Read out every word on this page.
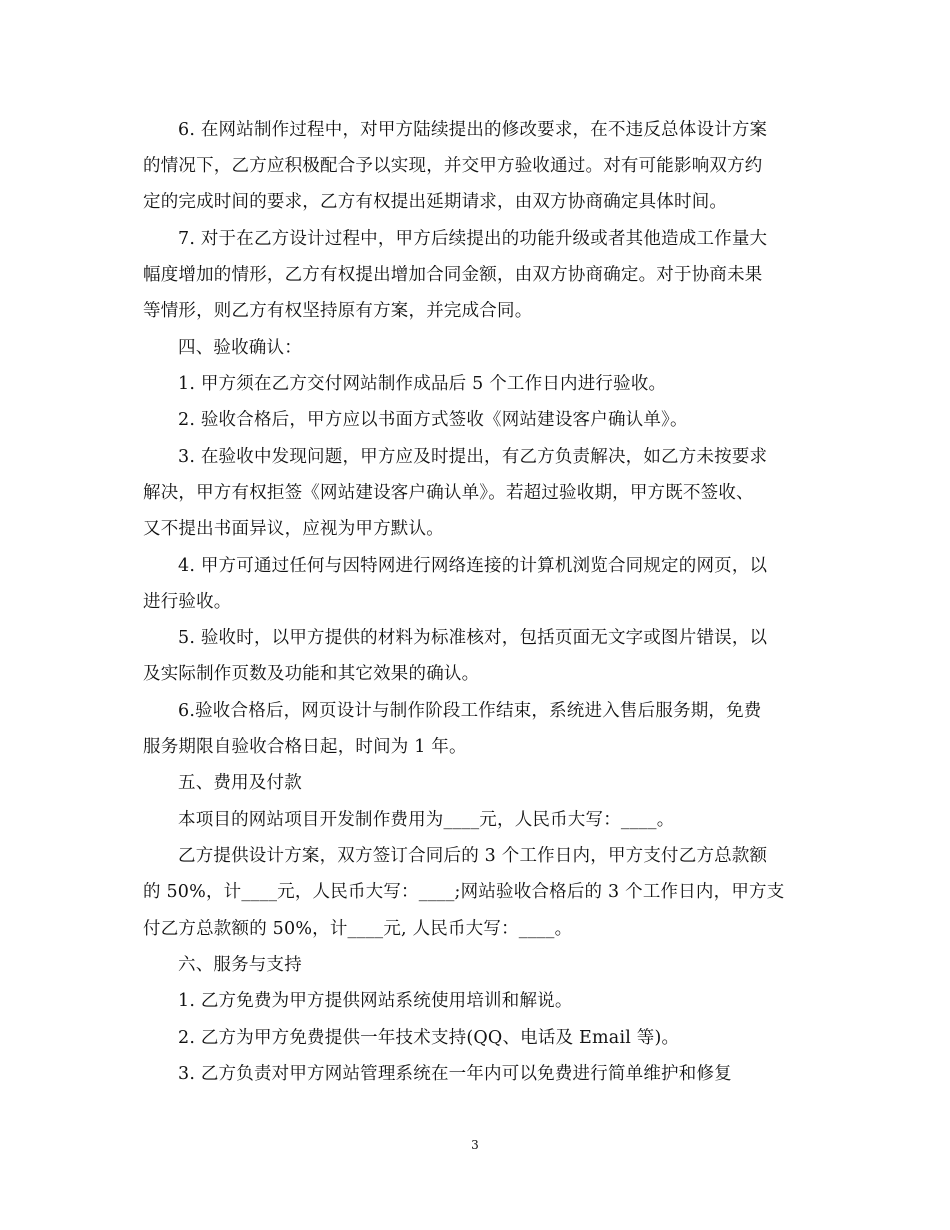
6. 在网站制作过程中，对甲方陆续提出的修改要求，在不违反总体设计方案
的情况下，乙方应积极配合予以实现，并交甲方验收通过。对有可能影响双方约
定的完成时间的要求，乙方有权提出延期请求，由双方协商确定具体时间。
7. 对于在乙方设计过程中，甲方后续提出的功能升级或者其他造成工作量大
幅度增加的情形，乙方有权提出增加合同金额，由双方协商确定。对于协商未果
等情形，则乙方有权坚持原有方案，并完成合同。
四、验收确认：
1. 甲方须在乙方交付网站制作成品后 5 个工作日内进行验收。
2. 验收合格后，甲方应以书面方式签收《网站建设客户确认单》。
3. 在验收中发现问题，甲方应及时提出，有乙方负责解决，如乙方未按要求
解决，甲方有权拒签《网站建设客户确认单》。若超过验收期，甲方既不签收、
又不提出书面异议，应视为甲方默认。
4. 甲方可通过任何与因特网进行网络连接的计算机浏览合同规定的网页，以
进行验收。
5. 验收时，以甲方提供的材料为标准核对，包括页面无文字或图片错误，以
及实际制作页数及功能和其它效果的确认。
6.验收合格后，网页设计与制作阶段工作结束，系统进入售后服务期，免费
服务期限自验收合格日起，时间为 1 年。
五、费用及付款
本项目的网站项目开发制作费用为____元，人民币大写：____。
乙方提供设计方案，双方签订合同后的 3 个工作日内，甲方支付乙方总款额
的 50%，计____元，人民币大写：____;网站验收合格后的 3 个工作日内，甲方支
付乙方总款额的 50%，计____元, 人民币大写：____。
六、服务与支持
1. 乙方免费为甲方提供网站系统使用培训和解说。
2. 乙方为甲方免费提供一年技术支持(QQ、电话及 Email 等)。
3. 乙方负责对甲方网站管理系统在一年内可以免费进行简单维护和修复
3
